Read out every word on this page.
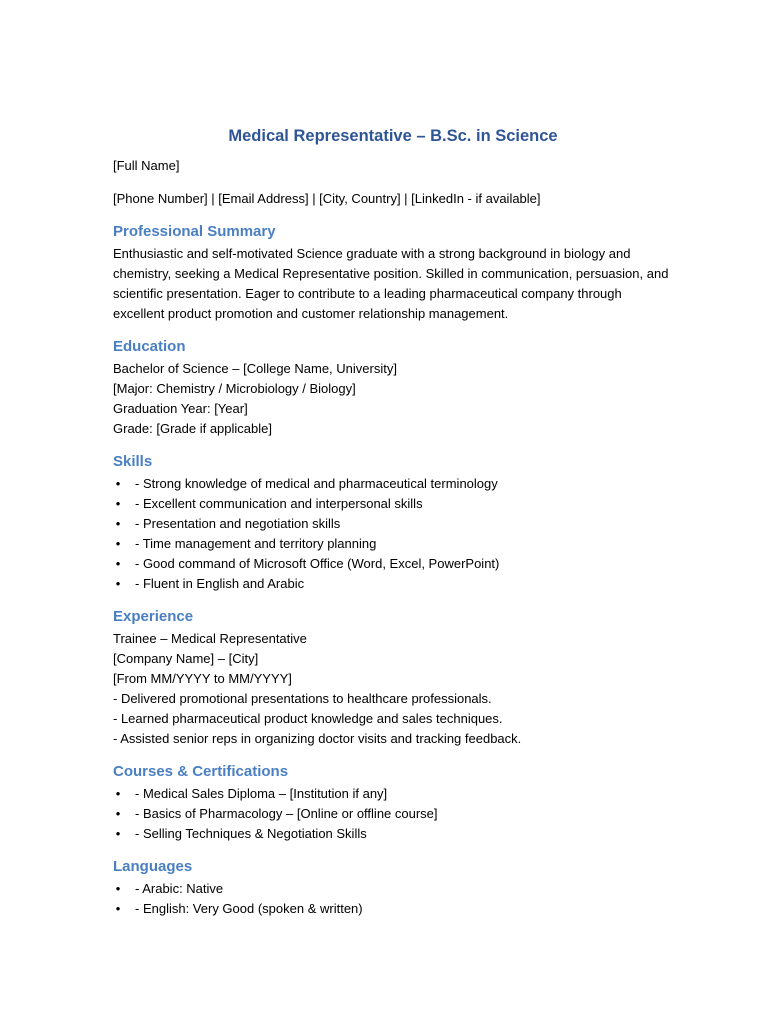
Medical Representative – B.Sc. in Science

[Full Name]

[Phone Number] | [Email Address] | [City, Country] | [LinkedIn - if available]

Professional Summary

Enthusiastic and self-motivated Science graduate with a strong background in biology and chemistry, seeking a Medical Representative position. Skilled in communication, persuasion, and scientific presentation. Eager to contribute to a leading pharmaceutical company through excellent product promotion and customer relationship management.

Education

Bachelor of Science – [College Name, University]

[Major: Chemistry / Microbiology / Biology]

Graduation Year: [Year]

Grade: [Grade if applicable]

Skills
• - Strong knowledge of medical and pharmaceutical terminology
• - Excellent communication and interpersonal skills
• - Presentation and negotiation skills
• - Time management and territory planning
• - Good command of Microsoft Office (Word, Excel, PowerPoint)
• - Fluent in English and Arabic
Experience

Trainee – Medical Representative

[Company Name] – [City]

[From MM/YYYY to MM/YYYY]

- Delivered promotional presentations to healthcare professionals.

- Learned pharmaceutical product knowledge and sales techniques.

- Assisted senior reps in organizing doctor visits and tracking feedback.

Courses & Certifications
• - Medical Sales Diploma – [Institution if any]
• - Basics of Pharmacology – [Online or offline course]
• - Selling Techniques & Negotiation Skills
Languages
• - Arabic: Native
• - English: Very Good (spoken & written)
